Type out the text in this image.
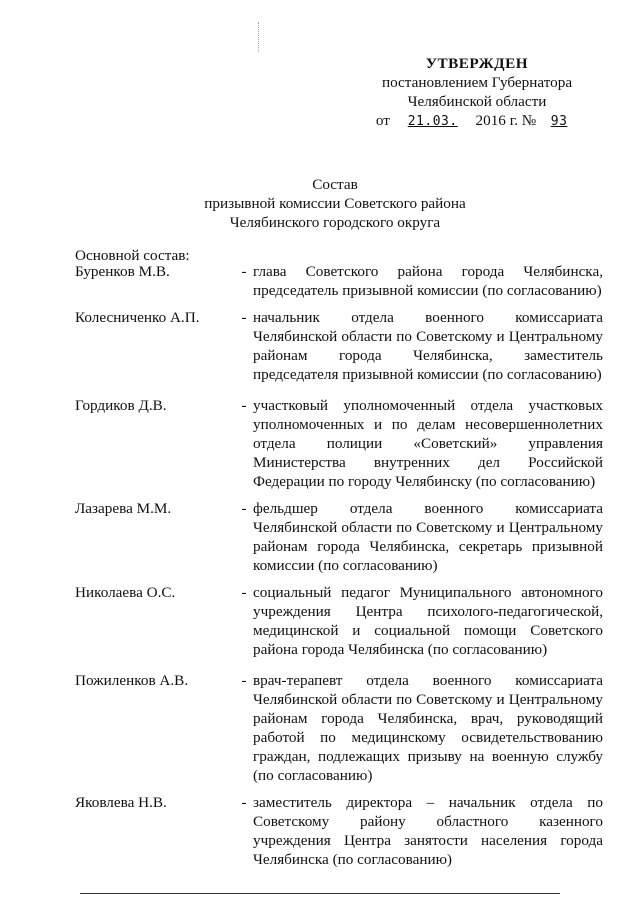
УТВЕРЖДЕН
постановлением Губернатора
Челябинской области
от 21.03. 2016 г. № 93
Состав
призывной комиссии Советского района
Челябинского городского округа
Основной состав:
Буренков М.В.	- глава Советского района города Челябинска, председатель призывной комиссии (по согласованию)
Колесниченко А.П.	- начальник отдела военного комиссариата Челябинской области по Советскому и Центральному районам города Челябинска, заместитель председателя призывной комиссии (по согласованию)
Гордиков Д.В.	- участковый уполномоченный отдела участковых уполномоченных и по делам несовершеннолетних отдела полиции «Советский» управления Министерства внутренних дел Российской Федерации по городу Челябинску (по согласованию)
Лазарева М.М.	- фельдшер отдела военного комиссариата Челябинской области по Советскому и Центральному районам города Челябинска, секретарь призывной комиссии (по согласованию)
Николаева О.С.	- социальный педагог Муниципального автономного учреждения Центра психолого-педагогической, медицинской и социальной помощи Советского района города Челябинска (по согласованию)
Пожиленков А.В.	- врач-терапевт отдела военного комиссариата Челябинской области по Советскому и Центральному районам города Челябинска, врач, руководящий работой по медицинскому освидетельствованию граждан, подлежащих призыву на военную службу (по согласованию)
Яковлева Н.В.	- заместитель директора – начальник отдела по Советскому району областного казенного учреждения Центра занятости населения города Челябинска (по согласованию)
